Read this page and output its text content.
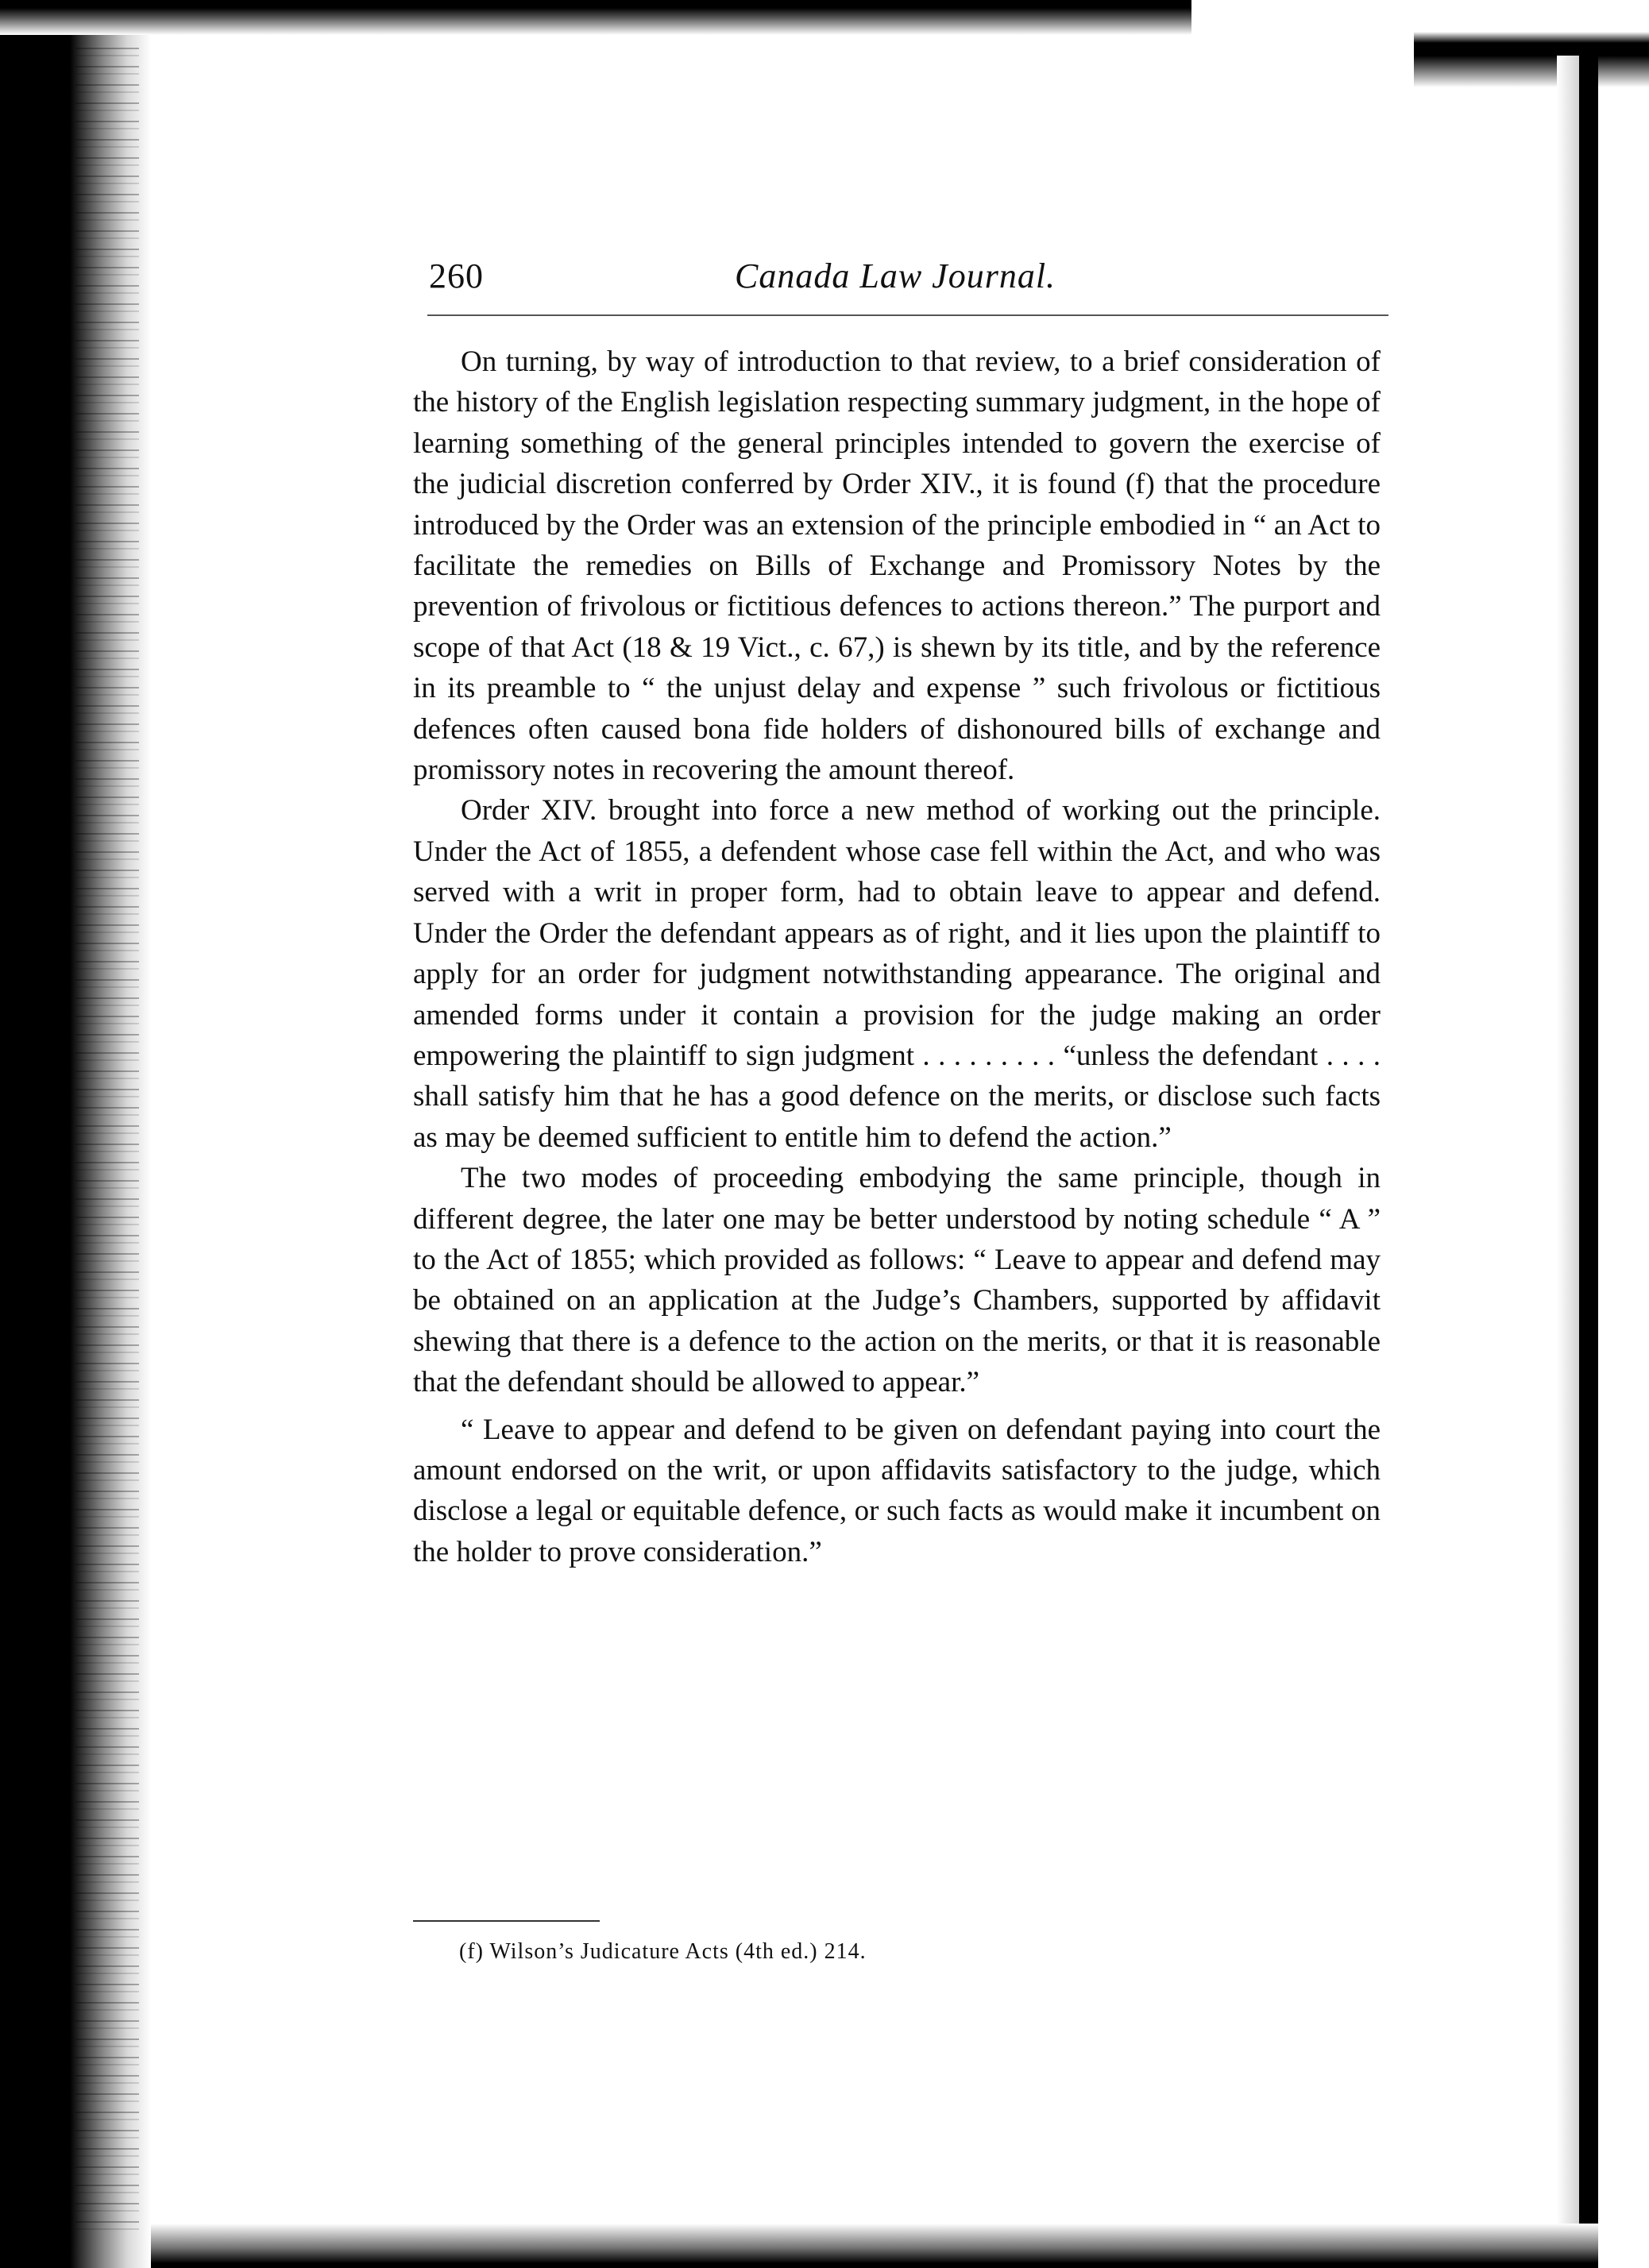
260	Canada Law Journal.

On turning, by way of introduction to that review, to a brief consideration of the history of the English legislation respecting summary judgment, in the hope of learning something of the general principles intended to govern the exercise of the judicial discretion conferred by Order XIV., it is found (f) that the procedure introduced by the Order was an extension of the principle embodied in “ an Act to facilitate the remedies on Bills of Exchange and Promissory Notes by the prevention of frivolous or fictitious defences to actions thereon.” The purport and scope of that Act (18 & 19 Vict., c. 67,) is shewn by its title, and by the reference in its preamble to “ the unjust delay and expense ” such frivolous or fictitious defences often caused bona fide holders of dishonoured bills of exchange and promissory notes in recovering the amount thereof.

Order XIV. brought into force a new method of working out the principle. Under the Act of 1855, a defendent whose case fell within the Act, and who was served with a writ in proper form, had to obtain leave to appear and defend. Under the Order the defendant appears as of right, and it lies upon the plaintiff to apply for an order for judgment notwithstanding appearance. The original and amended forms under it contain a provision for the judge making an order empowering the plaintiff to sign judgment . . . . . . . . . “unless the defendant . . . . shall satisfy him that he has a good defence on the merits, or disclose such facts as may be deemed sufficient to entitle him to defend the action.”

The two modes of proceeding embodying the same principle, though in different degree, the later one may be better understood by noting schedule “ A ” to the Act of 1855; which provided as follows: “ Leave to appear and defend may be obtained on an application at the Judge’s Chambers, supported by affidavit shewing that there is a defence to the action on the merits, or that it is reasonable that the defendant should be allowed to appear.”

“ Leave to appear and defend to be given on defendant paying into court the amount endorsed on the writ, or upon affidavits satisfactory to the judge, which disclose a legal or equitable defence, or such facts as would make it incumbent on the holder to prove consideration.”

(f) Wilson’s Judicature Acts (4th ed.) 214.
